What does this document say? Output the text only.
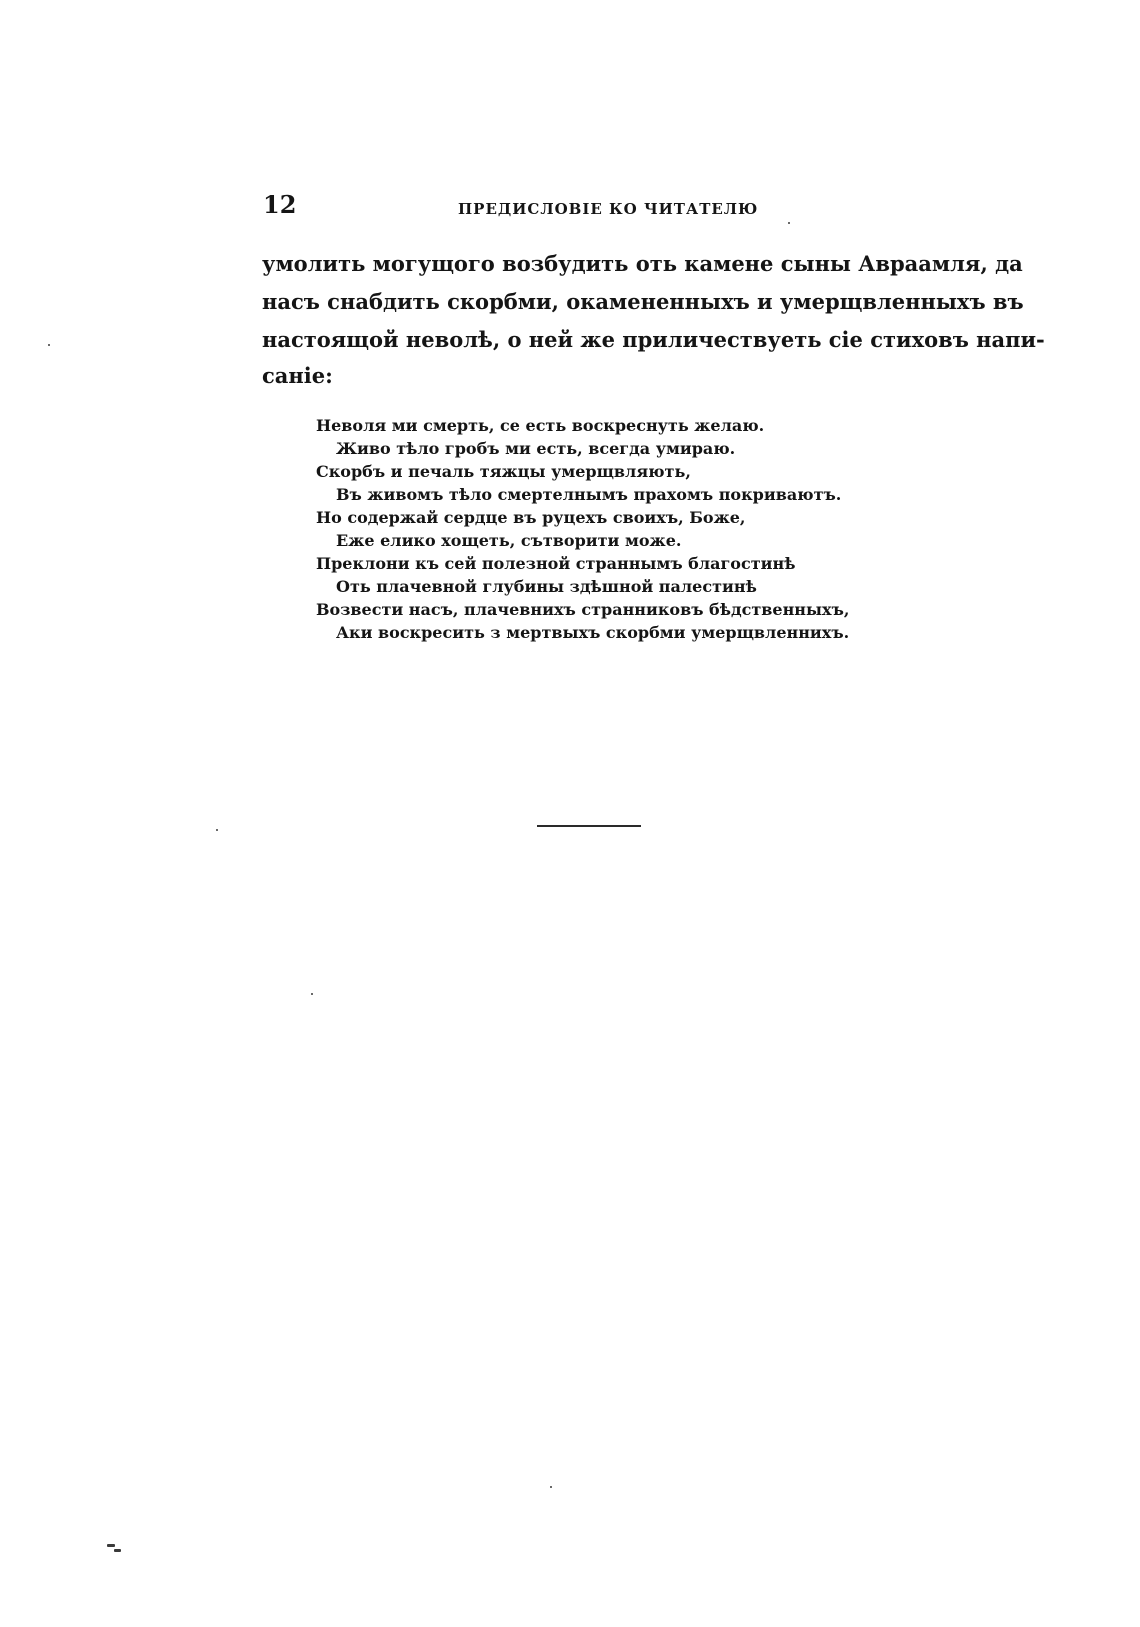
12	ПРЕДИСЛОВІЕ КО ЧИТАТЕЛЮ
умолить могущого возбудить оть камене сыны Авраамля, да
насъ снабдить скорбми, окамененныхъ и умерщвленныхъ въ
настоящой неволѣ, о ней же приличествуеть сіе стиховъ напи-
саніе:
Неволя ми смерть, се есть воскреснуть желаю.
Живо тѣло гробъ ми есть, всегда умираю.
Скорбъ и печаль тяжцы умерщвляють,
Въ живомъ тѣло смертелнымъ прахомъ покриваютъ.
Но содержай сердце въ руцехъ своихъ, Боже,
Еже елико хощеть, сътворити може.
Преклони къ сей полезной страннымъ благостинѣ
Оть плачевной глубины здѣшной палестинѣ
Возвести насъ, плачевнихъ странниковъ бѣдственныхъ,
Аки воскресить з мертвыхъ скорбми умерщвленнихъ.
